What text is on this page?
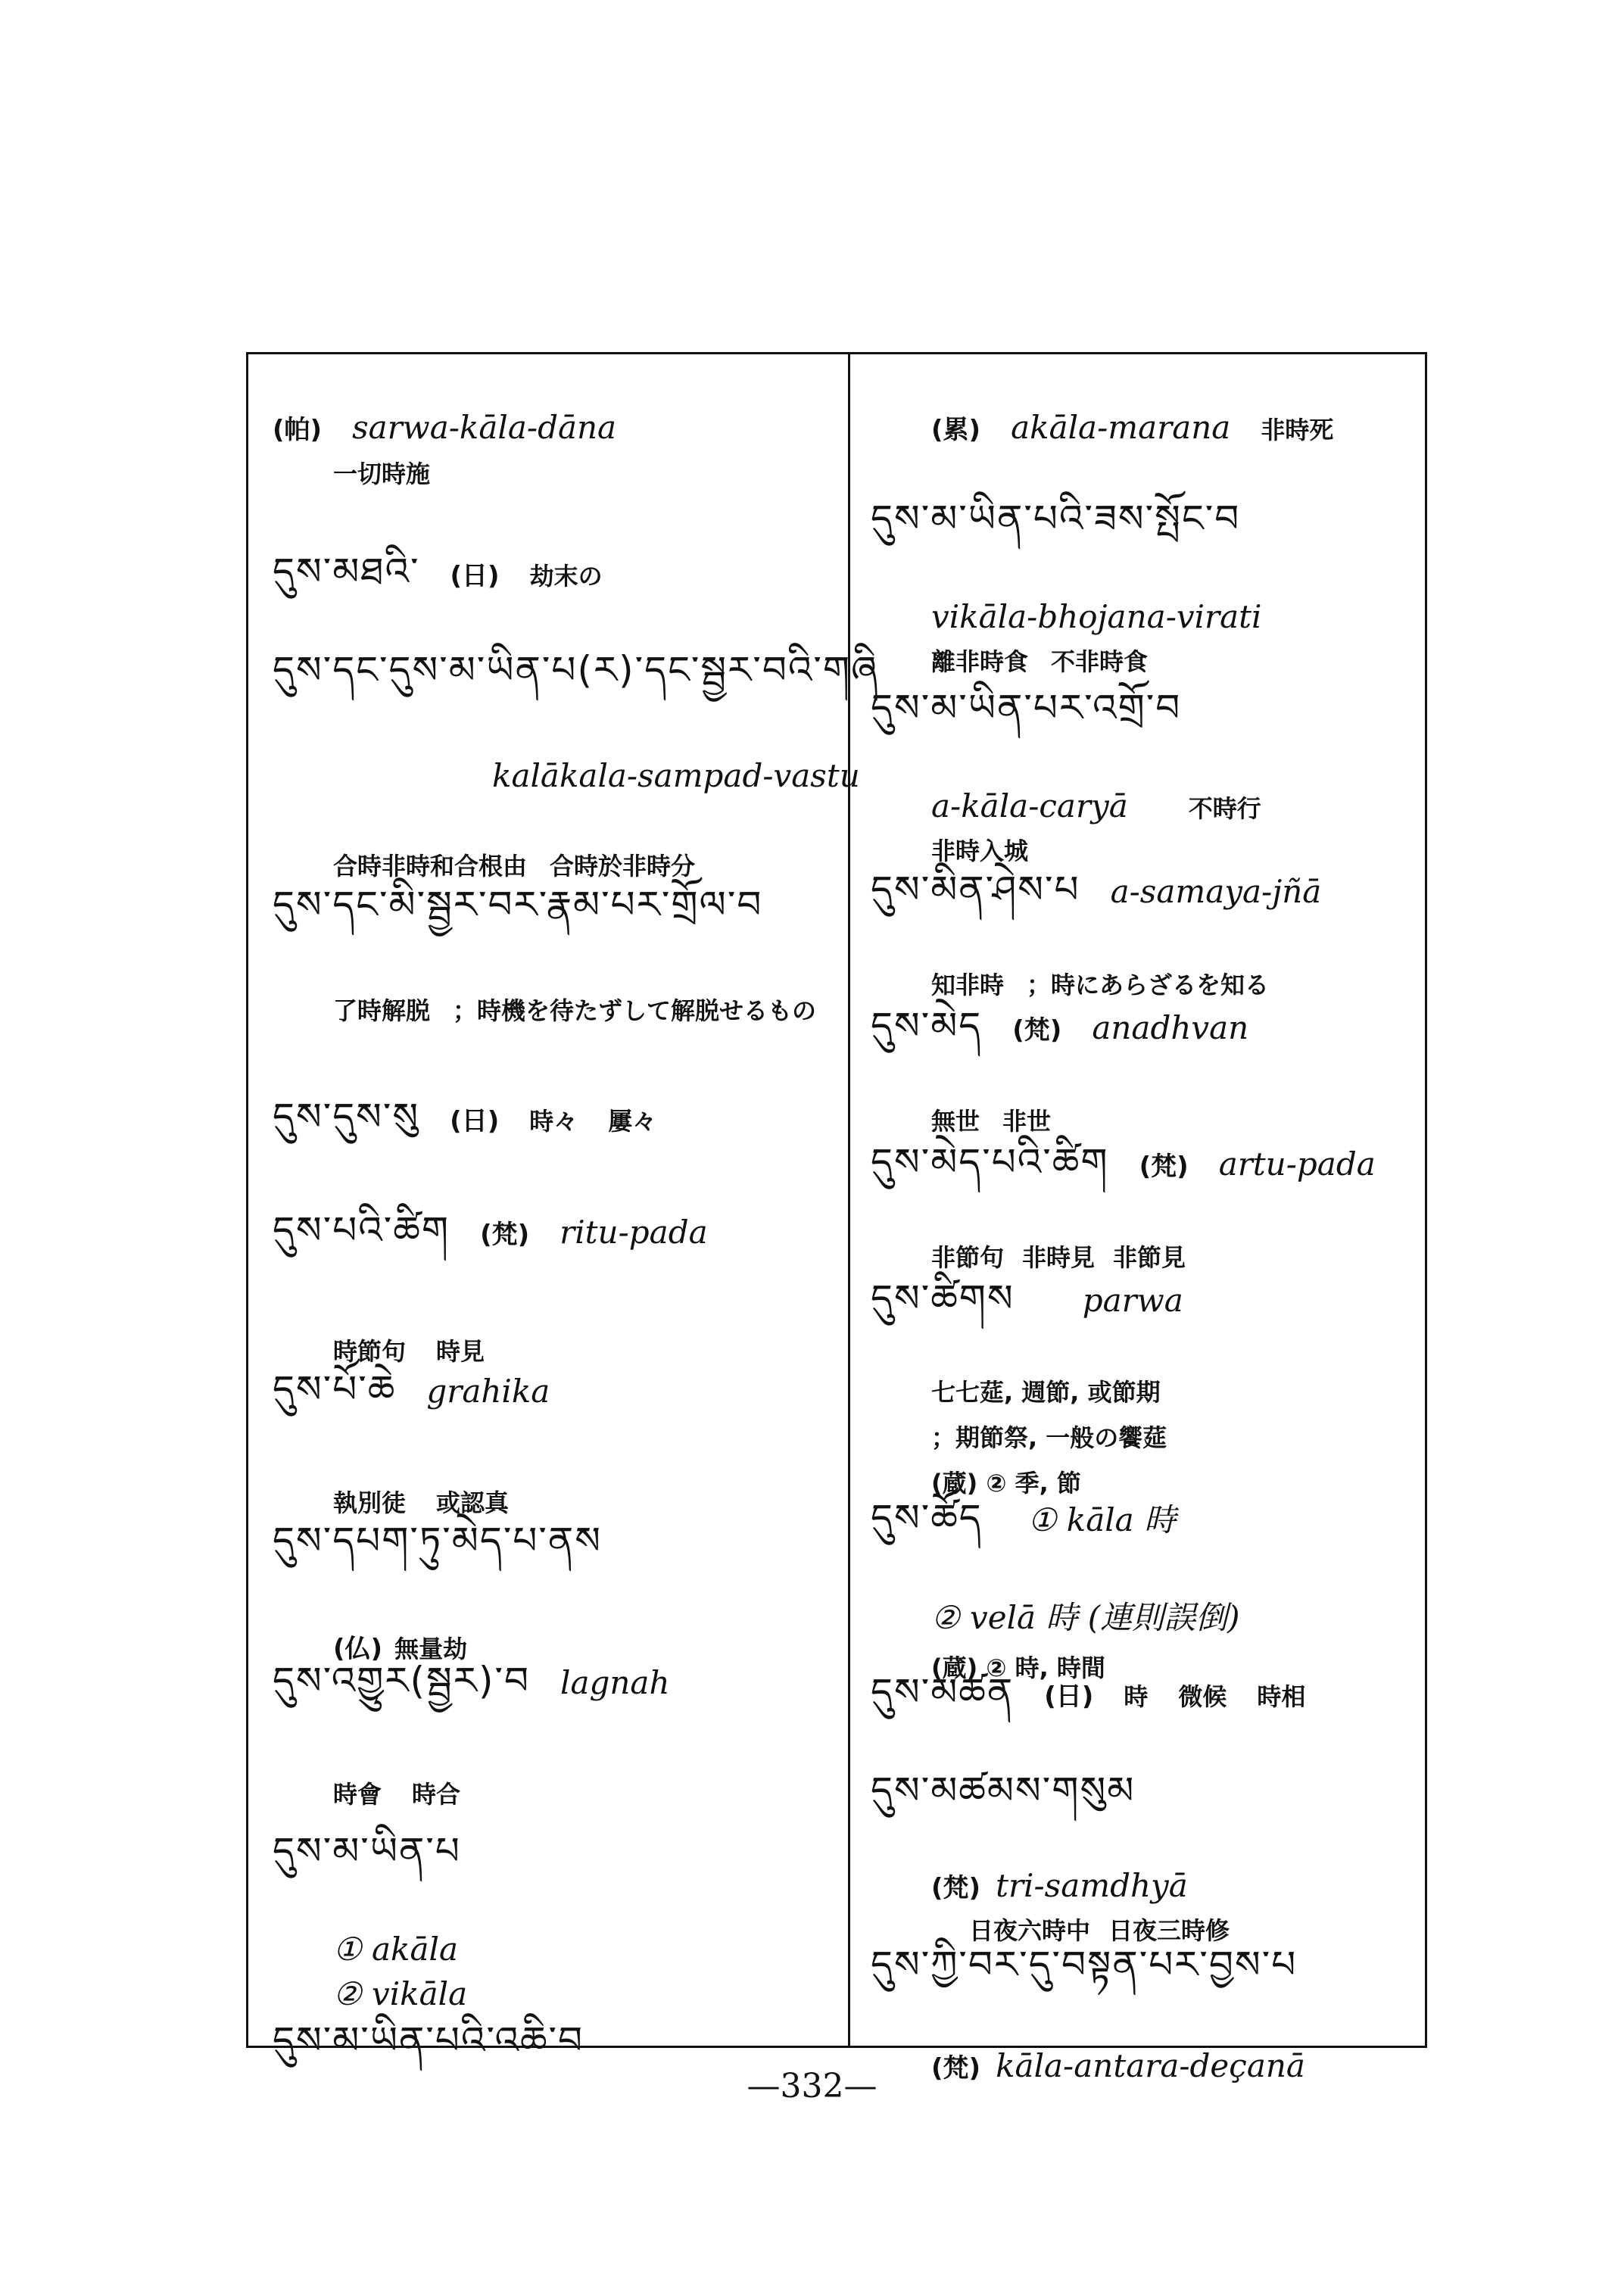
(帕) sarwa-kāla-dāna
一切時施
དུས་མཐའི་ (日) 劫末の
དུས་དང་དུས་མ་ཡིན་པ(ར)་དང་སྦྱར་བའི་གཞི
kalākala-sampad-vastu
合時非時和合根由 合時於非時分
དུས་དང་མི་སྦྱར་བར་རྣམ་པར་གྲོལ་བ
了時解脱 ；時機を待たずして解脱せるもの
དུས་དུས་སུ (日) 時々 屢々
དུས་པའི་ཚིག (梵) ritu-pada
時節句 時見
དུས་པོ་ཆེ grahika
執別徒 或認真
དུས་དཔག་ཏུ་མེད་པ་ནས
(仏) 無量劫
དུས་འགྱུར(སྦྱར)་བ lagnah
時會 時合
དུས་མ་ཡིན་པ
① akāla
② vikāla
དུས་མ་ཡིན་པའི་འཆི་བ
(累) akāla-marana 非時死
དུས་མ་ཡིན་པའི་ཟས་སྤོང་བ
vikāla-bhojana-virati
離非時食 不非時食
དུས་མ་ཡིན་པར་འགྲོ་བ
a-kāla-caryā	不時行
非時入城
དུས་མིན་ཤེས་པ a-samaya-jñā
知非時 ；時にあらざるを知る
དུས་མེད (梵) anadhvan
無世 非世
དུས་མེད་པའི་ཚིག (梵) artu-pada
非節句 非時見 非節見
དུས་ཚིགས parwa
七七莚, 週節, 或節期
；期節祭, 一般の饗莚
(蔵) ② 季, 節
དུས་ཚོད ① kāla 時
② velā 時 (連則誤倒)
(蔵) ② 時, 時間
དུས་མཚན (日) 時 微候 時相
དུས་མཚམས་གསུམ
(梵) tri-samdhyā
日夜六時中 日夜三時修
དུས་ཀྱི་བར་དུ་བསྟན་པར་བྱས་པ
(梵) kāla-antara-deçanā
—332—
